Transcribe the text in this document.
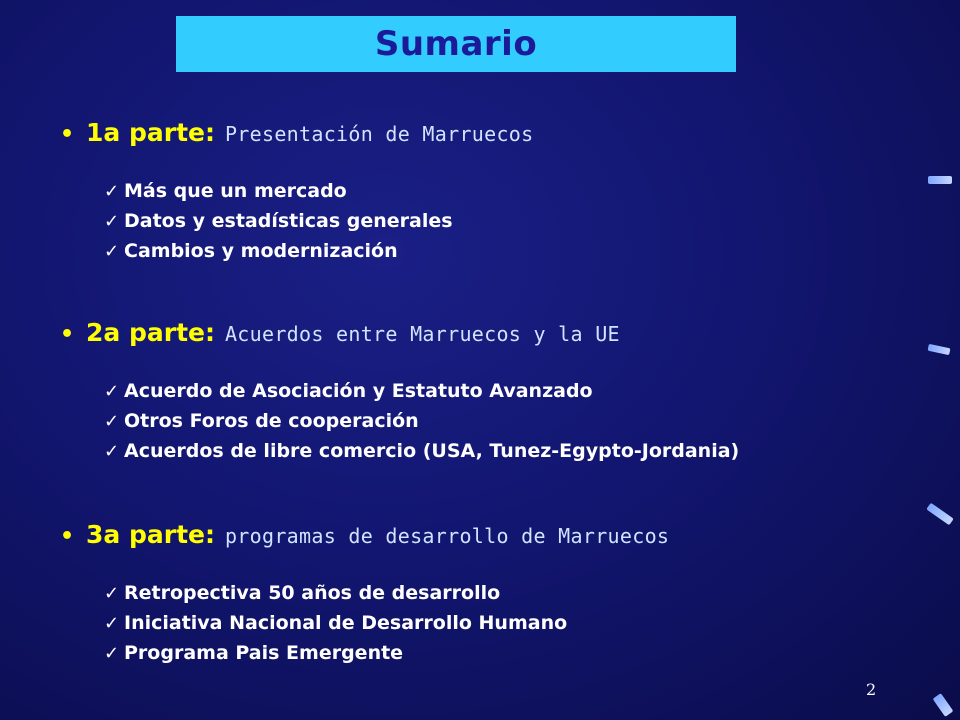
Sumario
• 1a parte: Presentación de Marruecos
✓ Más que un mercado
✓ Datos y estadísticas generales
✓ Cambios y modernización
• 2a parte: Acuerdos entre Marruecos y la UE
✓ Acuerdo de Asociación y Estatuto Avanzado
✓ Otros Foros de cooperación
✓ Acuerdos de libre comercio (USA, Tunez-Egypto-Jordania)
• 3a parte: programas de desarrollo de Marruecos
✓ Retropectiva 50 años de desarrollo
✓ Iniciativa Nacional de Desarrollo Humano
✓ Programa Pais Emergente
2
